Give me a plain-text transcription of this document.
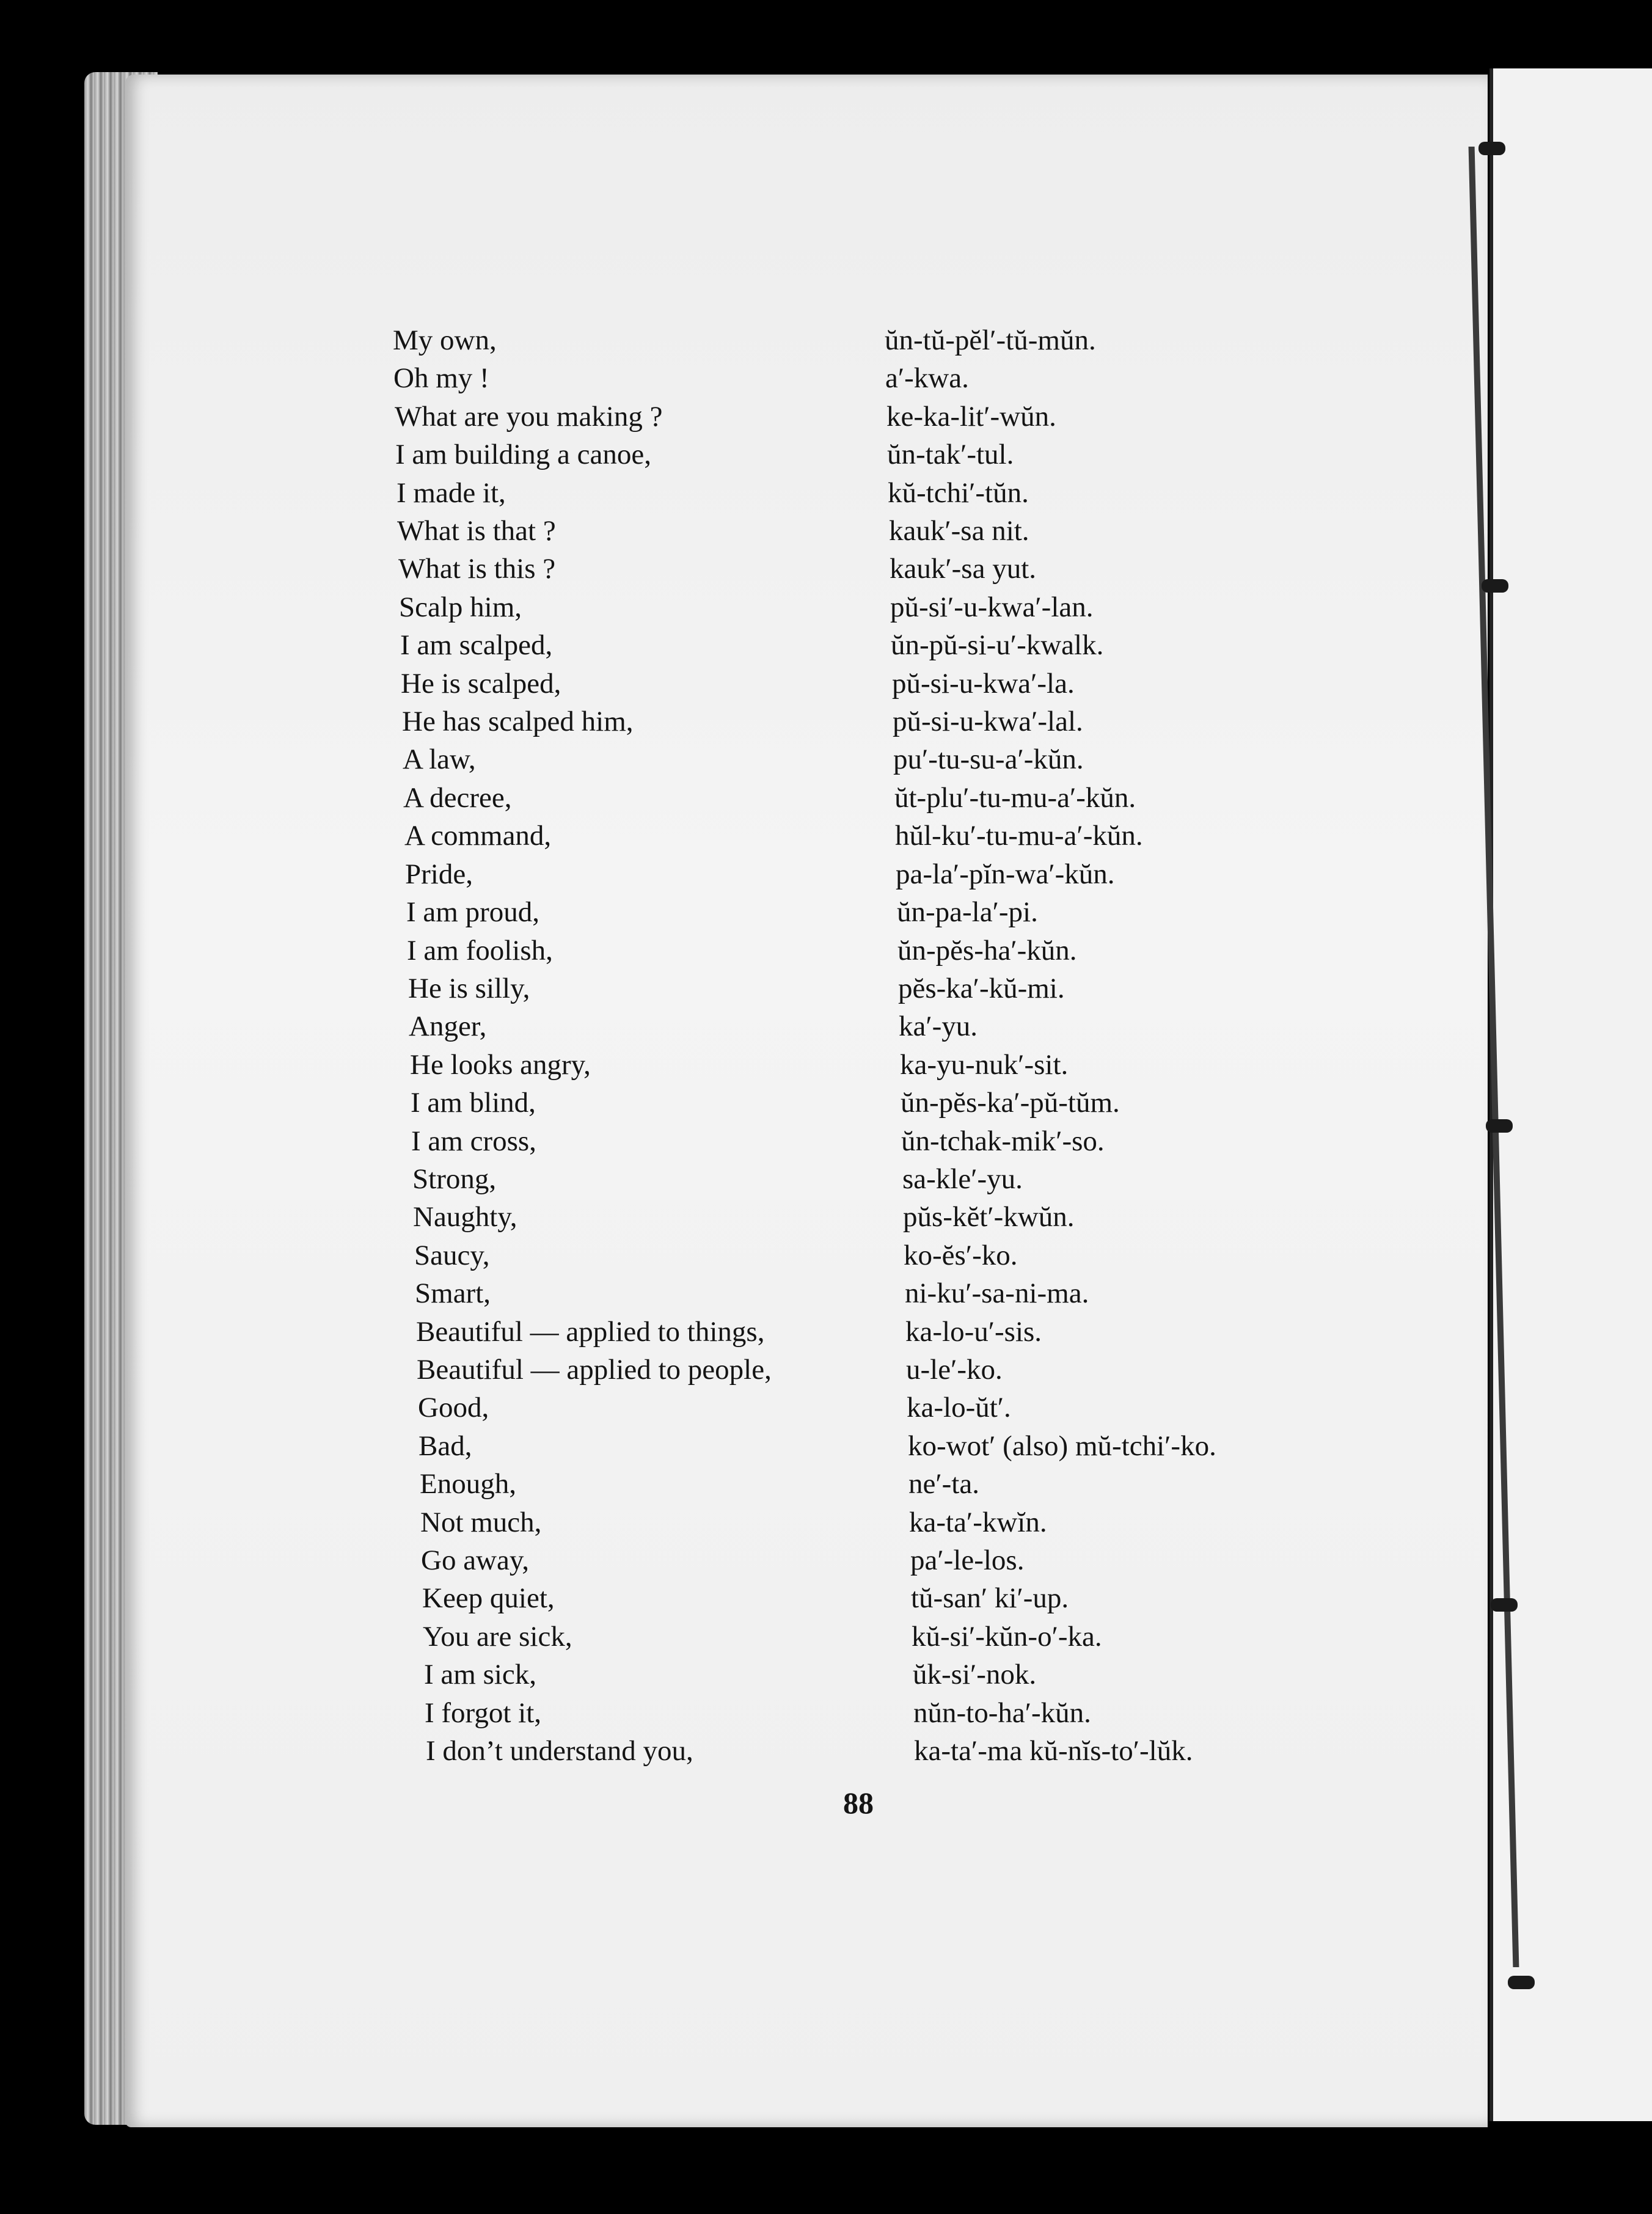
My own,
Oh my !
What are you making ?
I am building a canoe,
I made it,
What is that ?
What is this ?
Scalp him,
I am scalped,
He is scalped,
He has scalped him,
A law,
A decree,
A command,
Pride,
I am proud,
I am foolish,
He is silly,
Anger,
He looks angry,
I am blind,
I am cross,
Strong,
Naughty,
Saucy,
Smart,
Beautiful — applied to things,
Beautiful — applied to people,
Good,
Bad,
Enough,
Not much,
Go away,
Keep quiet,
You are sick,
I am sick,
I forgot it,
I don’t understand you,
ŭn-tŭ-pĕl′-tŭ-mŭn.
a′-kwa.
ke-ka-lit′-wŭn.
ŭn-tak′-tul.
kŭ-tchi′-tŭn.
kauk′-sa nit.
kauk′-sa yut.
pŭ-si′-u-kwa′-lan.
ŭn-pŭ-si-u′-kwalk.
pŭ-si-u-kwa′-la.
pŭ-si-u-kwa′-lal.
pu′-tu-su-a′-kŭn.
ŭt-plu′-tu-mu-a′-kŭn.
hŭl-ku′-tu-mu-a′-kŭn.
pa-la′-pĭn-wa′-kŭn.
ŭn-pa-la′-pi.
ŭn-pĕs-ha′-kŭn.
pĕs-ka′-kŭ-mi.
ka′-yu.
ka-yu-nuk′-sit.
ŭn-pĕs-ka′-pŭ-tŭm.
ŭn-tchak-mik′-so.
sa-kle′-yu.
pŭs-kĕt′-kwŭn.
ko-ĕs′-ko.
ni-ku′-sa-ni-ma.
ka-lo-u′-sis.
u-le′-ko.
ka-lo-ŭt′.
ko-wot′ (also) mŭ-tchi′-ko.
ne′-ta.
ka-ta′-kwĭn.
pa′-le-los.
tŭ-san′ ki′-up.
kŭ-si′-kŭn-o′-ka.
ŭk-si′-nok.
nŭn-to-ha′-kŭn.
ka-ta′-ma kŭ-nĭs-to′-lŭk.
88
